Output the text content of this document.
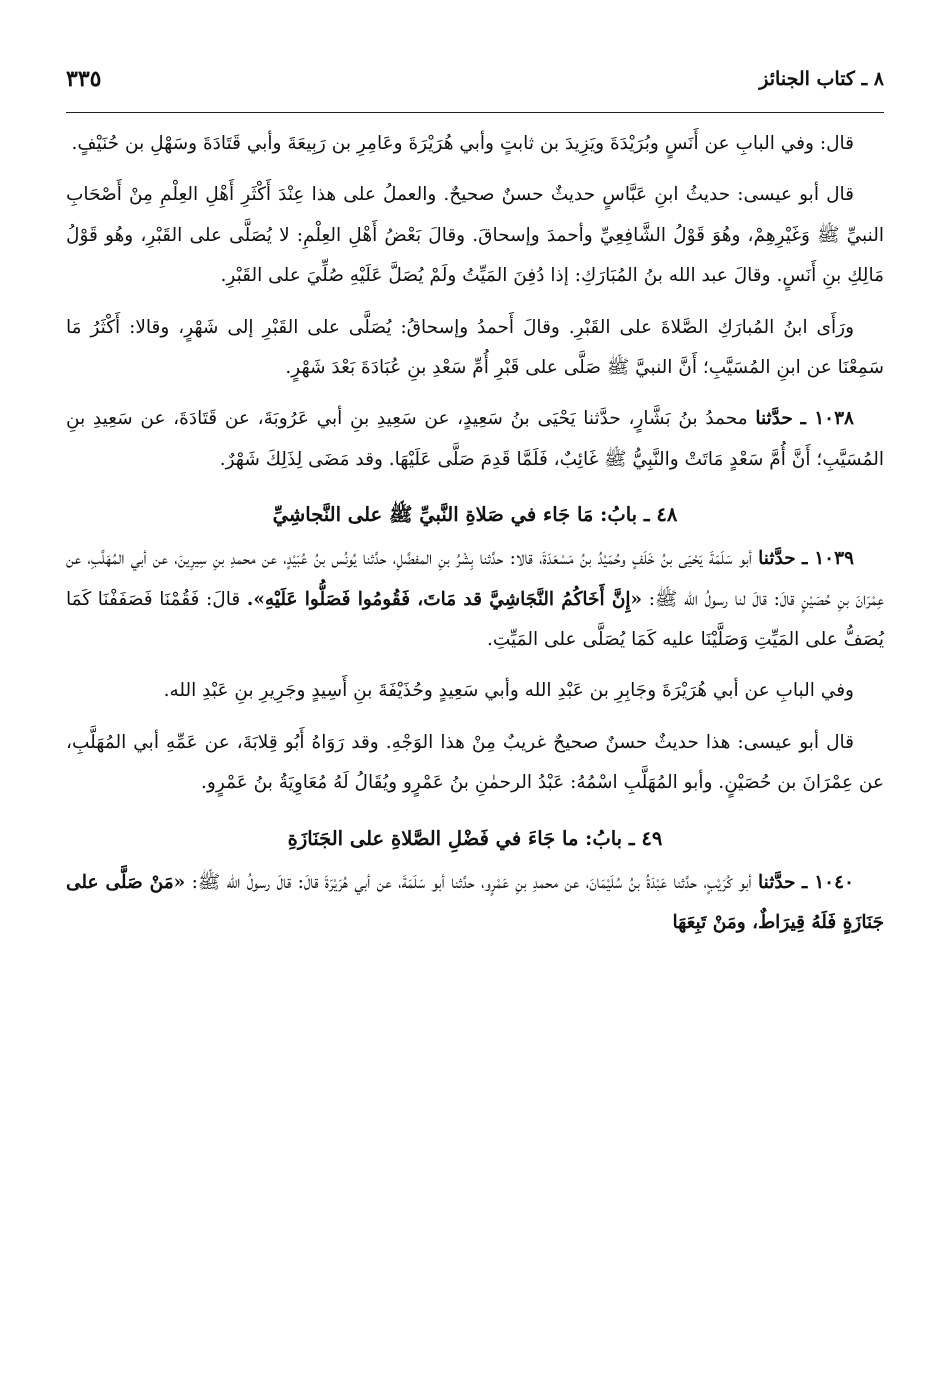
٨ ـ كتاب الجنائز
٣٣٥

قال: وفي البابِ عن أَنَسٍ وبُرَيْدَةَ ويَزِيدَ بن ثابتٍ وأبي هُرَيْرَةَ وعَامِرِ بن رَبِيعَةَ وأبي قَتَادَةَ وسَهْلِ بن حُنَيْفٍ.

قال أبو عيسى: حديثُ ابنِ عَبَّاسٍ حديثٌ حسنٌ صحيحٌ. والعملُ على هذا عِنْدَ أَكْثَرِ أَهْلِ العِلْمِ مِنْ أَصْحَابِ النبيِّ ﷺ وَغَيْرِهِمْ، وهُوَ قَوْلُ الشَّافِعِيِّ وأحمدَ وإسحاقَ. وقالَ بَعْضُ أَهْلِ العِلْمِ: لا يُصَلَّى على القَبْرِ، وهُو قَوْلُ مَالِكِ بنِ أَنَسٍ. وقالَ عبد الله بنُ المُبَارَكِ: إذا دُفِنَ المَيِّتُ ولَمْ يُصَلَّ عَلَيْهِ صُلِّيَ على القَبْرِ.

ورَأَى ابنُ المُبارَكِ الصَّلاةَ على القَبْرِ. وقالَ أَحمدُ وإسحاقُ: يُصَلَّى على القَبْرِ إلى شَهْرٍ، وقالا: أَكْثَرُ مَا سَمِعْنَا عن ابنِ المُسَيَّبِ؛ أَنَّ النبيَّ ﷺ صَلَّى على قَبْرِ أُمِّ سَعْدِ بنِ عُبَادَةَ بَعْدَ شَهْرٍ.

١٠٣٨ ـ حدَّثنا محمدُ بنُ بَشَّارٍ، حدَّثنا يَحْيَى بنُ سَعِيدٍ، عن سَعِيدِ بنِ أبي عَرُوبَةَ، عن قَتَادَةَ، عن سَعِيدِ بنِ المُسَيَّبِ؛ أَنَّ أُمَّ سَعْدٍ مَاتَتْ والنَّبِيُّ ﷺ غَائِبٌ، فَلَمَّا قَدِمَ صَلَّى عَلَيْهَا. وقد مَضَى لِذَلِكَ شَهْرٌ.

٤٨ ـ بابُ: مَا جَاء في صَلاةِ النَّبيِّ ﷺ على النَّجاشِيِّ

١٠٣٩ ـ حدَّثنا أبو سَلَمَةَ يَحْيَى بنُ خَلَفٍ وحُمَيْدُ بنُ مَسْعَدَةَ، قالا: حدَّثنا بِشْرُ بنِ المفضَّلِ، حدَّثنا يُونُس بنُ عُبَيْدٍ، عن محمدِ بنِ سِيرِينَ، عن أبي المُهَلَّبِ، عن عِمْرَانَ بنِ حُصَيْنٍ قالَ: قالَ لنا رسولُ الله ﷺ: «إِنَّ أَخَاكُمُ النَّجَاشِيَّ قد مَاتَ، فَقُومُوا فَصَلُّوا عَلَيْهِ». قالَ: فَقُمْنَا فَصَفَفْنَا كَمَا يُصَفُّ على المَيِّتِ وَصَلَّيْنَا عليه كَمَا يُصَلَّى على المَيِّتِ.

وفي البابِ عن أبي هُرَيْرَةَ وجَابِرِ بن عَبْدِ الله وأبي سَعِيدٍ وحُذَيْفَةَ بنِ أَسِيدٍ وجَرِيرِ بنِ عَبْدِ الله.

قال أبو عيسى: هذا حديثٌ حسنٌ صحيحٌ غريبٌ مِنْ هذا الوَجْهِ. وقد رَوَاهُ أَبُو قِلابَةَ، عن عَمِّهِ أبي المُهَلَّبِ، عن عِمْرَانَ بن حُصَيْنٍ. وأبو المُهَلَّبِ اسْمُهُ: عَبْدُ الرحمٰنِ بنُ عَمْرٍو ويُقَالُ لَهُ مُعَاوِيَةُ بنُ عَمْرٍو.

٤٩ ـ بابُ: ما جَاءَ في فَضْلِ الصَّلاةِ على الجَنَازَةِ

١٠٤٠ ـ حدَّثنا أبو كُرَيْبٍ، حدَّثنا عَبْدَةُ بنُ سُلَيْمَانَ، عن محمدِ بنِ عَمْرٍو، حدَّثنا أبو سَلَمَةَ، عن أبي هُرَيْرَةَ قالَ: قالَ رسولُ الله ﷺ: «مَنْ صَلَّى على جَنَازَةٍ فَلَهُ قِيرَاطٌ، ومَنْ تَبِعَهَا
